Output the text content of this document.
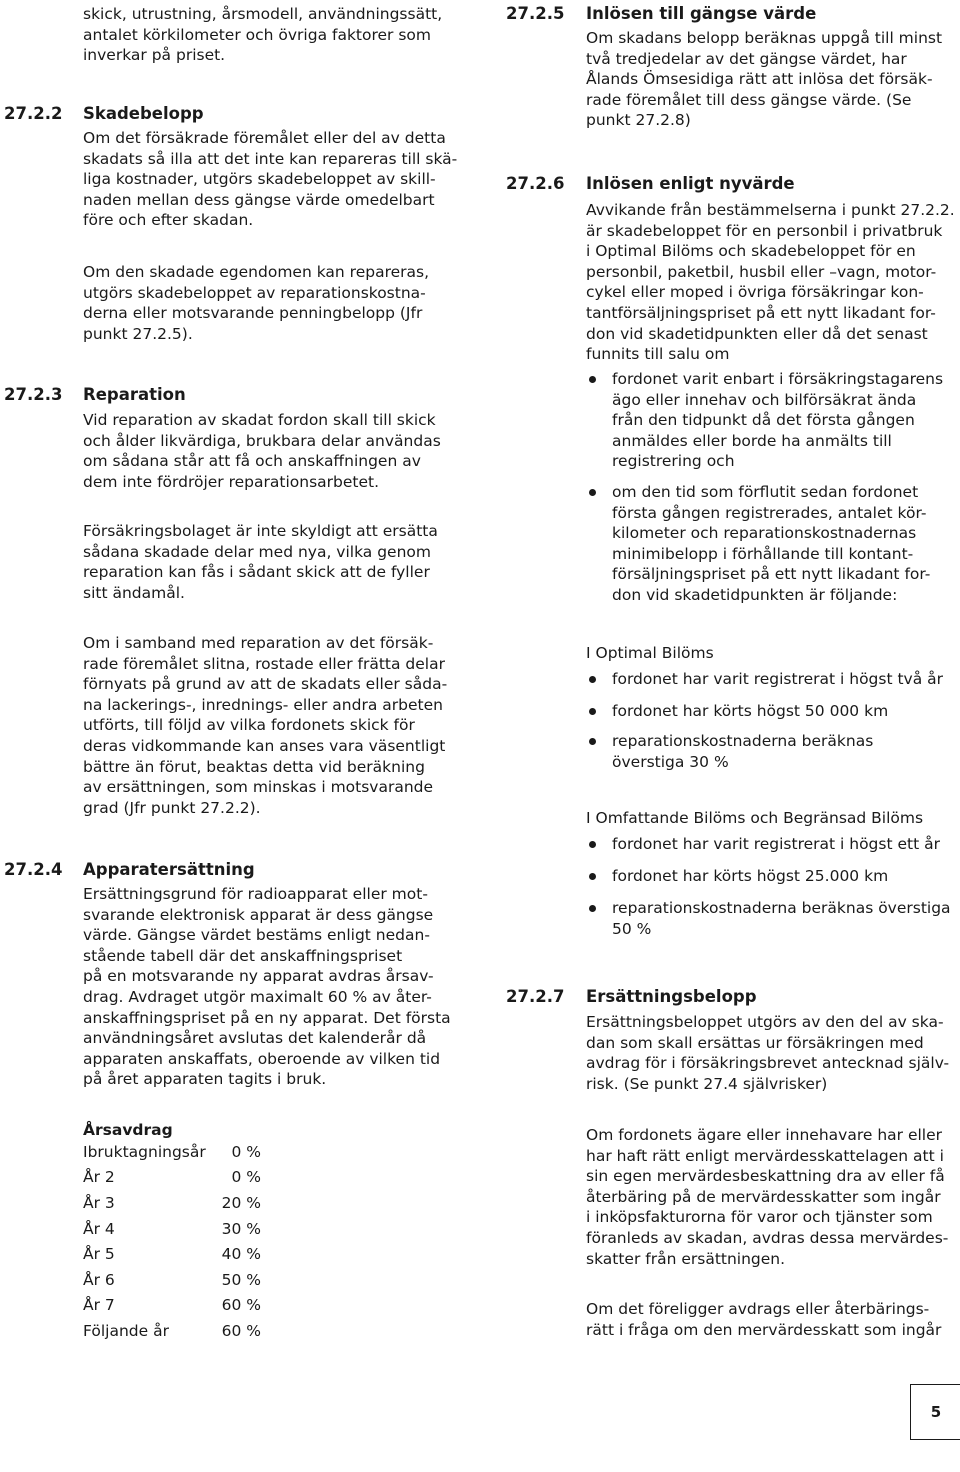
skick, utrustning, årsmodell, användningssätt,
antalet körkilometer och övriga faktorer som
inverkar på priset.
27.2.2 Skadebelopp
Om det försäkrade föremålet eller del av detta
skadats så illa att det inte kan repareras till skä-
liga kostnader, utgörs skadebeloppet av skill-
naden mellan dess gängse värde omedelbart
före och efter skadan.
Om den skadade egendomen kan repareras,
utgörs skadebeloppet av reparationskostna-
derna eller motsvarande penningbelopp (Jfr
punkt 27.2.5).
27.2.3 Reparation
Vid reparation av skadat fordon skall till skick
och ålder likvärdiga, brukbara delar användas
om sådana står att få och anskaffningen av
dem inte fördröjer reparationsarbetet.
Försäkringsbolaget är inte skyldigt att ersätta
sådana skadade delar med nya, vilka genom
reparation kan fås i sådant skick att de fyller
sitt ändamål.
Om i samband med reparation av det försäk-
rade föremålet slitna, rostade eller frätta delar
förnyats på grund av att de skadats eller såda-
na lackerings-, inrednings- eller andra arbeten
utförts, till följd av vilka fordonets skick för
deras vidkommande kan anses vara väsentligt
bättre än förut, beaktas detta vid beräkning
av ersättningen, som minskas i motsvarande
grad (Jfr punkt 27.2.2).
27.2.4 Apparatersättning
Ersättningsgrund för radioapparat eller mot-
svarande elektronisk apparat är dess gängse
värde. Gängse värdet bestäms enligt nedan-
stående tabell där det anskaffningspriset
på en motsvarande ny apparat avdras årsav-
drag. Avdraget utgör maximalt 60 % av åter-
anskaffningspriset på en ny apparat. Det första
användningsåret avslutas det kalenderår då
apparaten anskaffats, oberoende av vilken tid
på året apparaten tagits i bruk.
Årsavdrag
Ibruktagningsår	0 %
År 2	0 %
År 3	20 %
År 4	30 %
År 5	40 %
År 6	50 %
År 7	60 %
Följande år	60 %
27.2.5 Inlösen till gängse värde
Om skadans belopp beräknas uppgå till minst
två tredjedelar av det gängse värdet, har
Ålands Ömsesidiga rätt att inlösa det försäk-
rade föremålet till dess gängse värde. (Se
punkt 27.2.8)
27.2.6 Inlösen enligt nyvärde
Avvikande från bestämmelserna i punkt 27.2.2.
är skadebeloppet för en personbil i privatbruk
i Optimal Bilöms och skadebeloppet för en
personbil, paketbil, husbil eller –vagn, motor-
cykel eller moped i övriga försäkringar kon-
tantförsäljningspriset på ett nytt likadant for-
don vid skadetidpunkten eller då det senast
funnits till salu om
fordonet varit enbart i försäkringstagarens
ägo eller innehav och bilförsäkrat ända
från den tidpunkt då det första gången
anmäldes eller borde ha anmälts till
registrering och
om den tid som förflutit sedan fordonet
första gången registrerades, antalet kör-
kilometer och reparationskostnadernas
minimibelopp i förhållande till kontant-
försäljningspriset på ett nytt likadant for-
don vid skadetidpunkten är följande:
I Optimal Bilöms
fordonet har varit registrerat i högst två år
fordonet har körts högst 50 000 km
reparationskostnaderna beräknas
överstiga 30 %
I Omfattande Bilöms och Begränsad Bilöms
fordonet har varit registrerat i högst ett år
fordonet har körts högst 25.000 km
reparationskostnaderna beräknas överstiga
50 %
27.2.7 Ersättningsbelopp
Ersättningsbeloppet utgörs av den del av ska-
dan som skall ersättas ur försäkringen med
avdrag för i försäkringsbrevet antecknad själv-
risk. (Se punkt 27.4 självrisker)
Om fordonets ägare eller innehavare har eller
har haft rätt enligt mervärdesskattelagen att i
sin egen mervärdesbeskattning dra av eller få
återbäring på de mervärdesskatter som ingår
i inköpsfakturorna för varor och tjänster som
föranleds av skadan, avdras dessa mervärdes-
skatter från ersättningen.
Om det föreligger avdrags eller återbärings-
rätt i fråga om den mervärdesskatt som ingår
5
